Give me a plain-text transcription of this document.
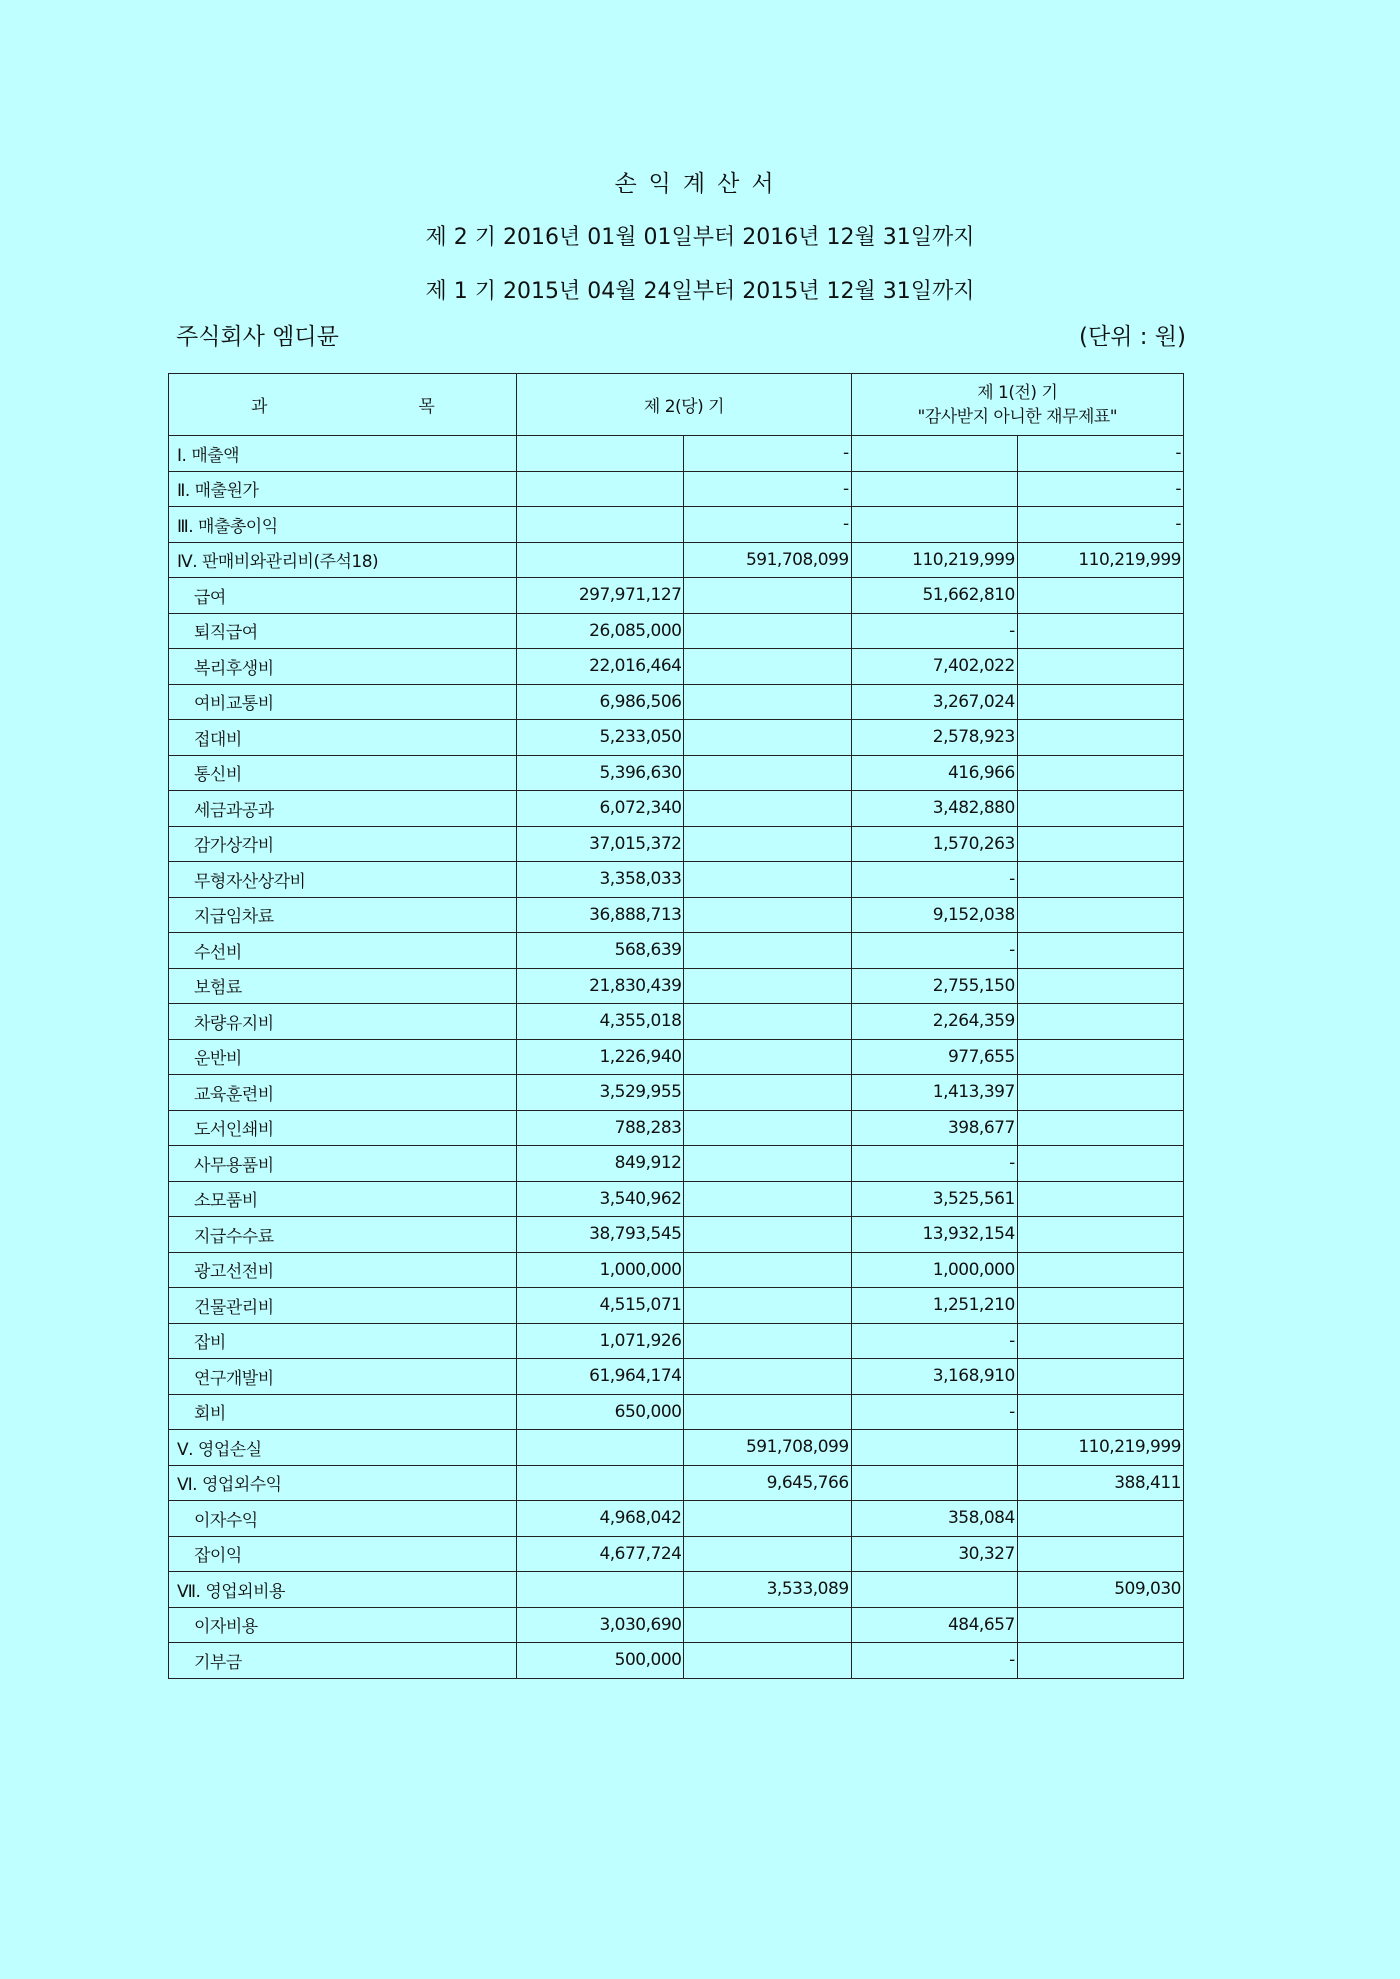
손익계산서
제 2 기 2016년 01월 01일부터 2016년 12월 31일까지
제 1 기 2015년 04월 24일부터 2015년 12월 31일까지
주식회사 엠디뮨	(단위 : 원)
과 목	제 2(당) 기		제 1(전) 기
"감사받지 아니한 재무제표"	

Ⅰ. 매출액		-		-
Ⅱ. 매출원가		-		-
Ⅲ. 매출총이익		-		-
Ⅳ. 판매비와관리비(주석18)		591,708,099	110,219,999	110,219,999
급여	297,971,127		51,662,810	
퇴직급여	26,085,000		-	
복리후생비	22,016,464		7,402,022	
여비교통비	6,986,506		3,267,024	
접대비	5,233,050		2,578,923	
통신비	5,396,630		416,966	
세금과공과	6,072,340		3,482,880	
감가상각비	37,015,372		1,570,263	
무형자산상각비	3,358,033		-	
지급임차료	36,888,713		9,152,038	
수선비	568,639		-	
보험료	21,830,439		2,755,150	
차량유지비	4,355,018		2,264,359	
운반비	1,226,940		977,655	
교육훈련비	3,529,955		1,413,397	
도서인쇄비	788,283		398,677	
사무용품비	849,912		-	
소모품비	3,540,962		3,525,561	
지급수수료	38,793,545		13,932,154	
광고선전비	1,000,000		1,000,000	
건물관리비	4,515,071		1,251,210	
잡비	1,071,926		-	
연구개발비	61,964,174		3,168,910	
회비	650,000		-	
Ⅴ. 영업손실		591,708,099		110,219,999
Ⅵ. 영업외수익		9,645,766		388,411
이자수익	4,968,042		358,084	
잡이익	4,677,724		30,327	
Ⅶ. 영업외비용		3,533,089		509,030
이자비용	3,030,690		484,657	
기부금	500,000		-	
